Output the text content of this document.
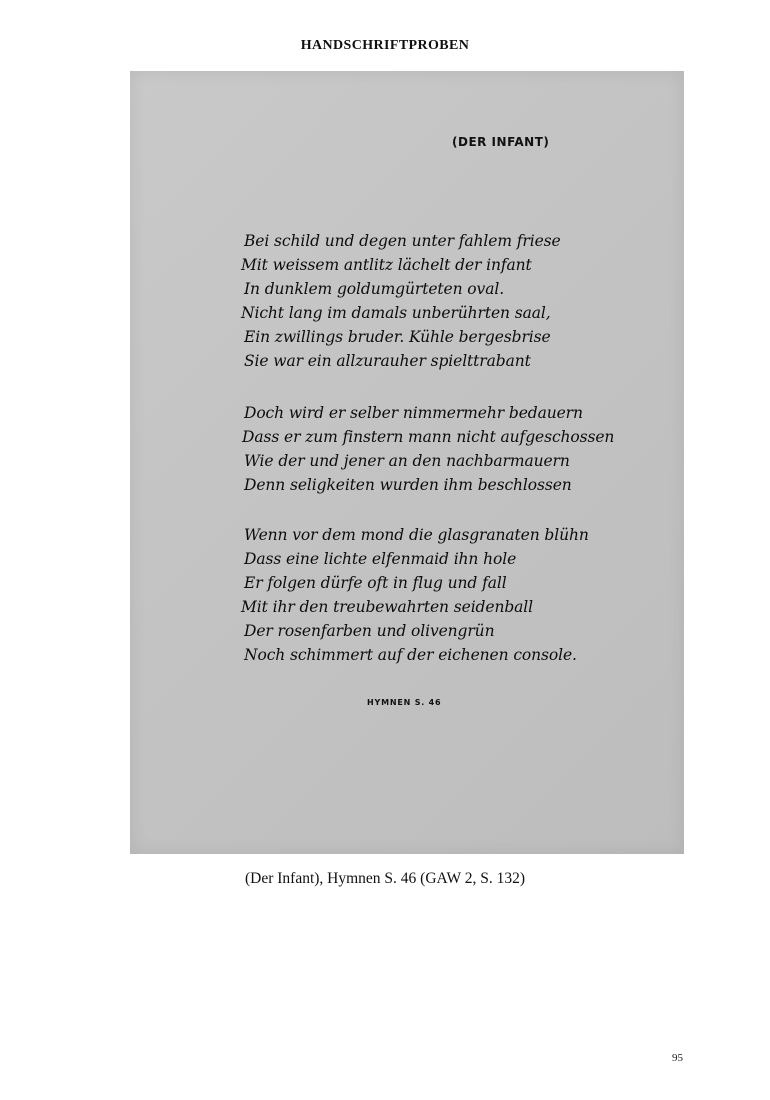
HANDSCHRIFTPROBEN
(DER INFANT)
Bei schild und degen unter fahlem friese
Mit weissem antlitz lächelt der infant
In dunklem goldumgürteten oval.
Nicht lang im damals unberührten saal,
Ein zwillings bruder. Kühle bergesbrise
Sie war ein allzurauher spielttrabant
Doch wird er selber nimmermehr bedauern
Dass er zum finstern mann nicht aufgeschossen
Wie der und jener an den nachbarmauern
Denn seligkeiten wurden ihm beschlossen
Wenn vor dem mond die glasgranaten blühn
Dass eine lichte elfenmaid ihn hole
Er folgen dürfe oft in flug und fall
Mit ihr den treubewahrten seidenball
Der rosenfarben und olivengrün
Noch schimmert auf der eichenen console.
HYMNEN S. 46
(Der Infant), Hymnen S. 46 (GAW 2, S. 132)
95
